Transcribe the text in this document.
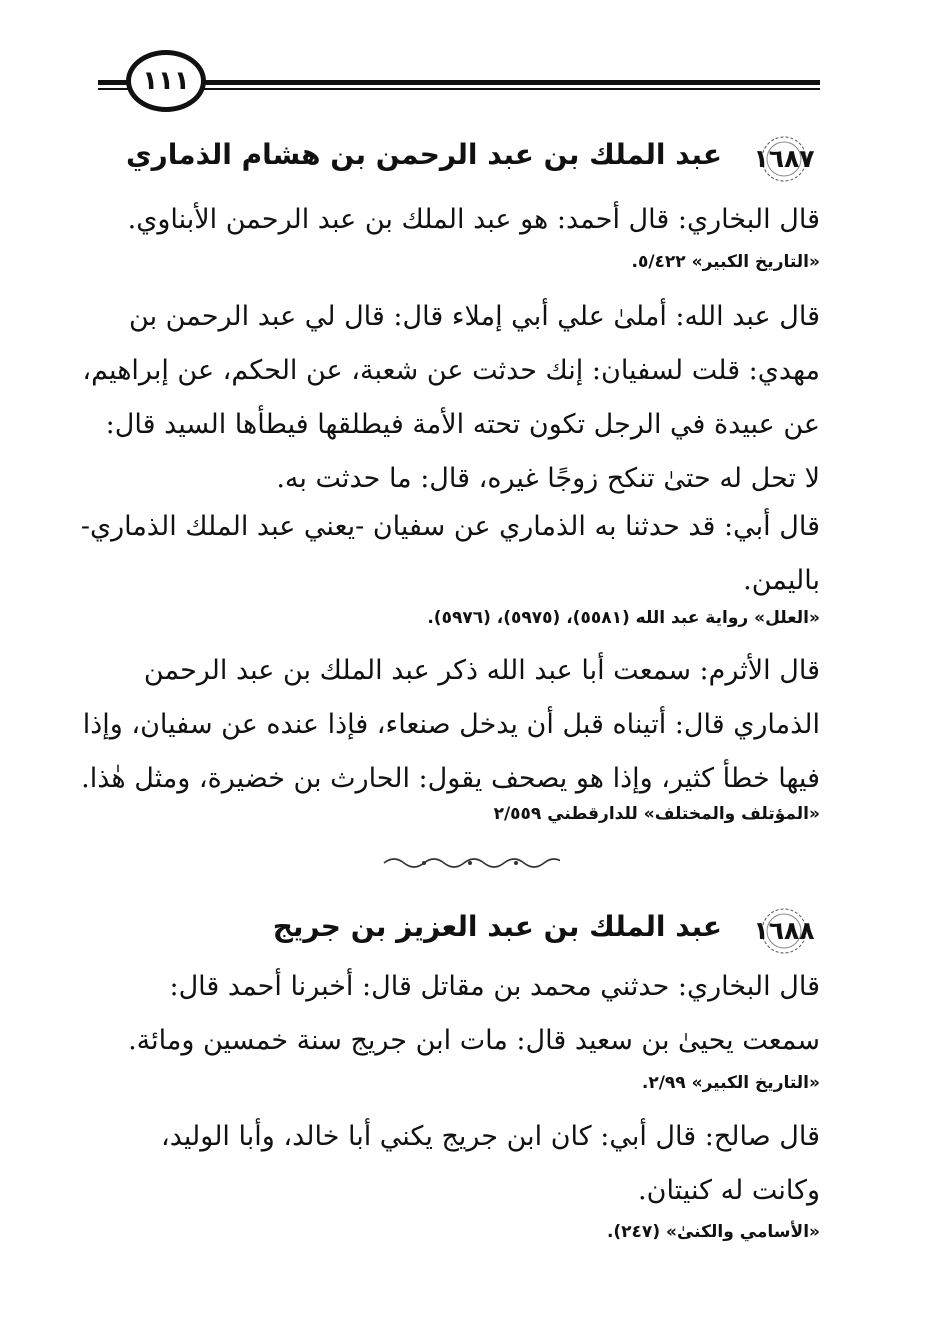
١١١
١٦٨٧
عبد الملك بن عبد الرحمن بن هشام الذماري
قال البخاري: قال أحمد: هو عبد الملك بن عبد الرحمن الأبناوي.
«التاريخ الكبير» ٥/٤٢٢.
قال عبد الله: أملىٰ علي أبي إملاء قال: قال لي عبد الرحمن بن
مهدي: قلت لسفيان: إنك حدثت عن شعبة، عن الحكم، عن إبراهيم،
عن عبيدة في الرجل تكون تحته الأمة فيطلقها فيطأها السيد قال:
لا تحل له حتىٰ تنكح زوجًا غيره، قال: ما حدثت به.
قال أبي: قد حدثنا به الذماري عن سفيان -يعني عبد الملك الذماري-
باليمن.
«العلل» رواية عبد الله (٥٥٨١)، (٥٩٧٥)، (٥٩٧٦).
قال الأثرم: سمعت أبا عبد الله ذكر عبد الملك بن عبد الرحمن
الذماري قال: أتيناه قبل أن يدخل صنعاء، فإذا عنده عن سفيان، وإذا
فيها خطأ كثير، وإذا هو يصحف يقول: الحارث بن خضيرة، ومثل هٰذا.
«المؤتلف والمختلف» للدارقطني ٢/٥٥٩
١٦٨٨
عبد الملك بن عبد العزيز بن جريج
قال البخاري: حدثني محمد بن مقاتل قال: أخبرنا أحمد قال:
سمعت يحيىٰ بن سعيد قال: مات ابن جريج سنة خمسين ومائة.
«التاريخ الكبير» ٢/٩٩.
قال صالح: قال أبي: كان ابن جريج يكني أبا خالد، وأبا الوليد،
وكانت له كنيتان.
«الأسامي والكنىٰ» (٢٤٧).
